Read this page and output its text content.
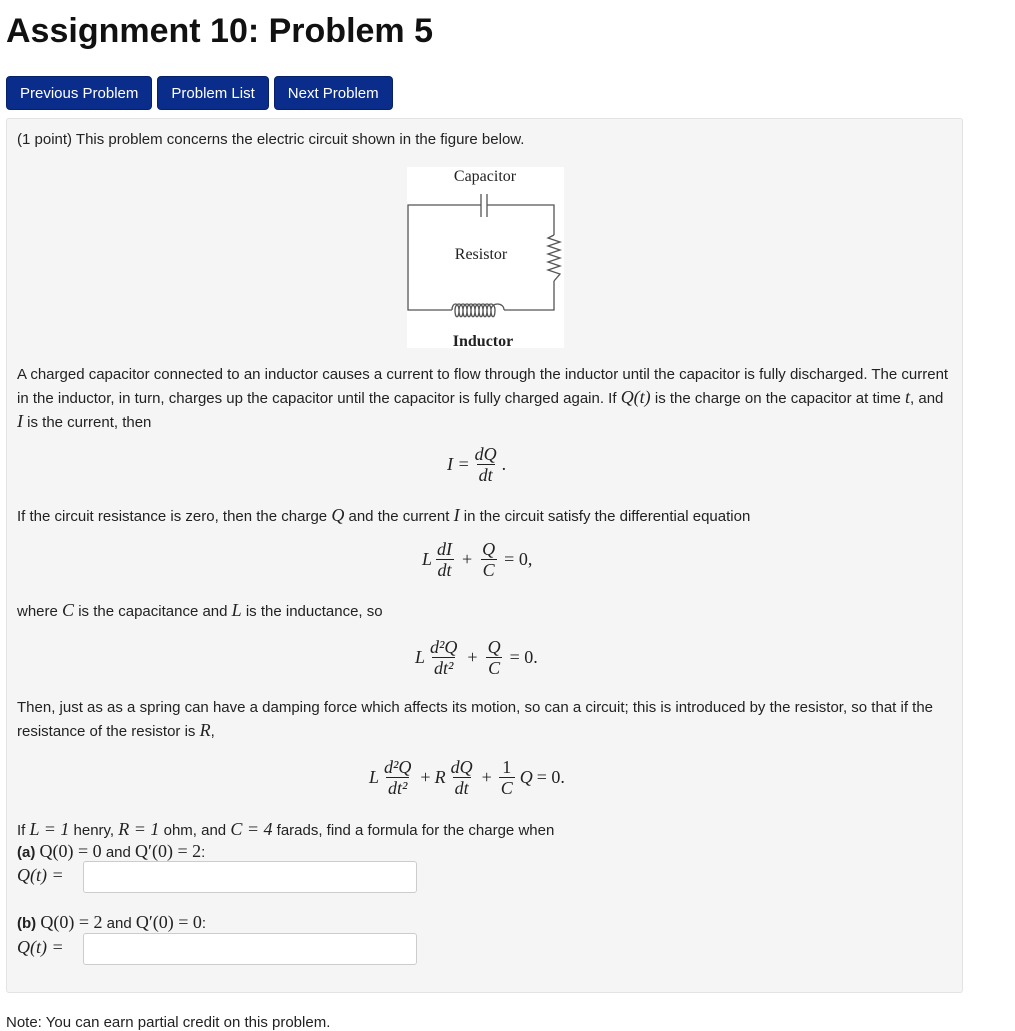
Assignment 10: Problem 5
Previous Problem	Problem List	Next Problem

(1 point) This problem concerns the electric circuit shown in the figure below.

Capacitor
Resistor
Inductor

A charged capacitor connected to an inductor causes a current to flow through the inductor until the capacitor is fully discharged. The current in the inductor, in turn, charges up the capacitor until the capacitor is fully charged again. If Q(t) is the charge on the capacitor at time t, and I is the current, then

$I = \frac{dQ}{dt}$ .

If the circuit resistance is zero, then the charge Q and the current I in the circuit satisfy the differential equation

L $\frac{dI}{dt} + \frac{Q}{C} = 0$,

where C is the capacitance and L is the inductance, so

L $\frac{\text{d²Q}}{\text{dt²}} + \frac{Q}{C} = 0$.

Then, just as as a spring can have a damping force which affects its motion, so can a circuit; this is introduced by the resistor, so that if the resistance of the resistor is R,

L $\frac{\text{d²Q}}{\text{dt²}} + R \frac{dQ}{dt} + \frac{1}{C}$ Q = 0.

If L = 1 henry, R = 1 ohm, and C = 4 farads, find a formula for the charge when

(a) Q(0) = 0 and Q′(0) = 2:

Q(t) =

(b) Q(0) = 2 and Q′(0) = 0:

Q(t) =
Note: You can earn partial credit on this problem.
